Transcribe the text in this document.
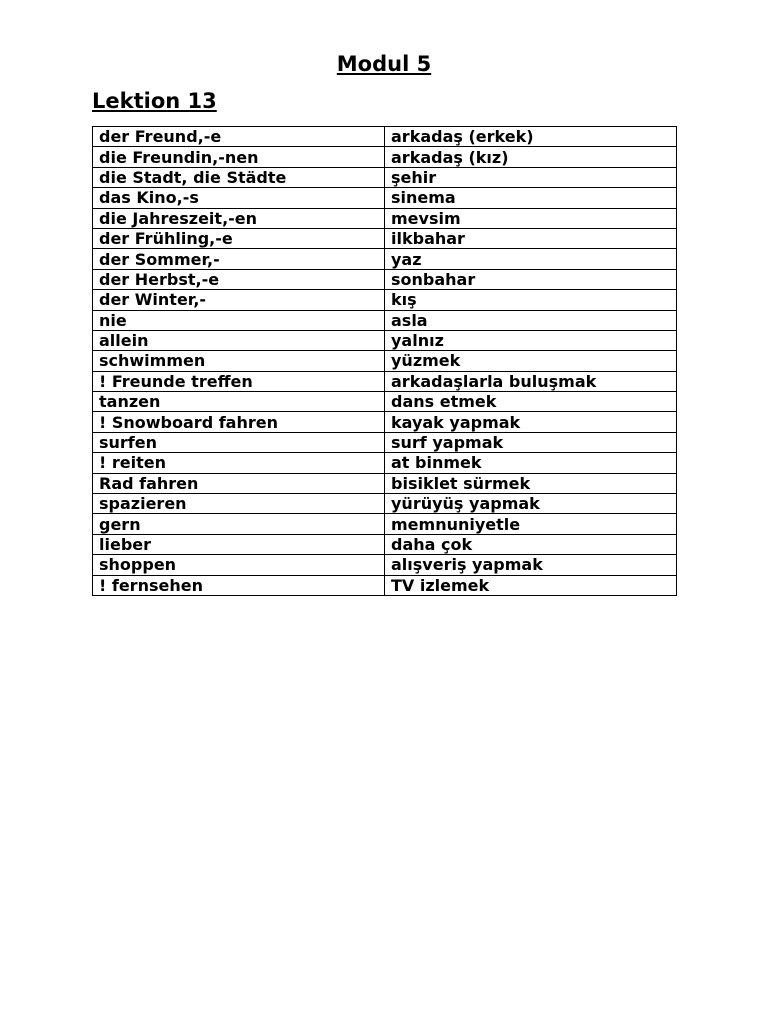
Modul 5
Lektion 13
der Freund,-e	arkadaş (erkek)
die Freundin,-nen	arkadaş (kız)
die Stadt, die Städte	şehir
das Kino,-s	sinema
die Jahreszeit,-en	mevsim
der Frühling,-e	ilkbahar
der Sommer,-	yaz
der Herbst,-e	sonbahar
der Winter,-	kış
nie	asla
allein	yalnız
schwimmen	yüzmek
! Freunde treffen	arkadaşlarla buluşmak
tanzen	dans etmek
! Snowboard fahren	kayak yapmak
surfen	surf yapmak
! reiten	at binmek
Rad fahren	bisiklet sürmek
spazieren	yürüyüş yapmak
gern	memnuniyetle
lieber	daha çok
shoppen	alışveriş yapmak
! fernsehen	TV izlemek
